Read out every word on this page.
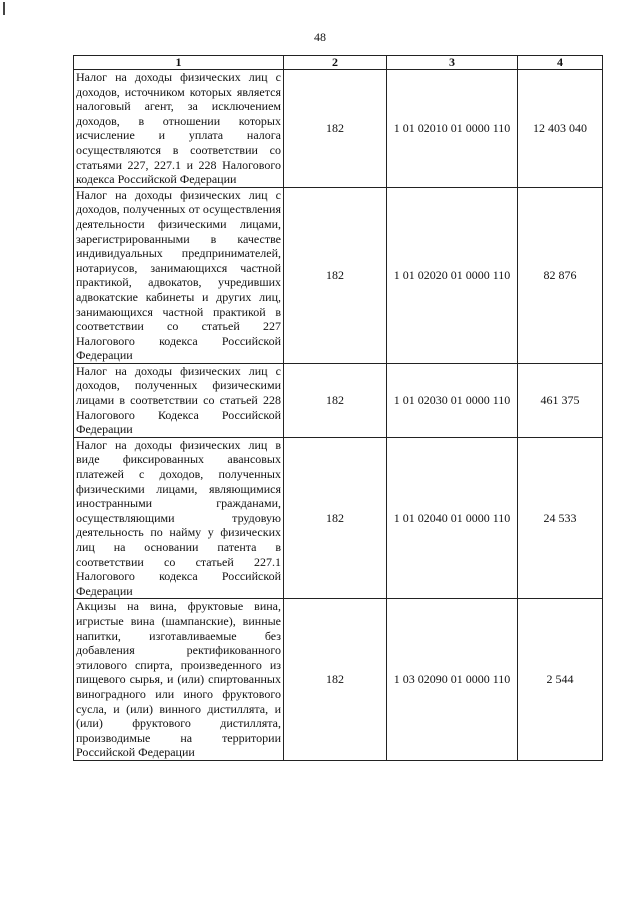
48
1	2	3	4
Налог на доходы физических лиц с доходов, источником которых является налоговый агент, за исключением доходов, в отношении которых исчисление и уплата налога осуществляются в соответствии со статьями 227, 227.1 и 228 Налогового кодекса Российской Федерации	182	1 01 02010 01 0000 110	12 403 040
Налог на доходы физических лиц с доходов, полученных от осуществления деятельности физическими лицами, зарегистрированными в качестве индивидуальных предпринимателей, нотариусов, занимающихся частной практикой, адвокатов, учредивших адвокатские кабинеты и других лиц, занимающихся частной практикой в соответствии со статьей 227 Налогового кодекса Российской Федерации	182	1 01 02020 01 0000 110	82 876
Налог на доходы физических лиц с доходов, полученных физическими лицами в соответствии со статьей 228 Налогового Кодекса Российской Федерации	182	1 01 02030 01 0000 110	461 375
Налог на доходы физических лиц в виде фиксированных авансовых платежей с доходов, полученных физическими лицами, являющимися иностранными гражданами, осуществляющими трудовую деятельность по найму у физических лиц на основании патента в соответствии со статьей 227.1 Налогового кодекса Российской Федерации	182	1 01 02040 01 0000 110	24 533
Акцизы на вина, фруктовые вина, игристые вина (шампанские), винные напитки, изготавливаемые без добавления ректификованного этилового спирта, произведенного из пищевого сырья, и (или) спиртованных виноградного или иного фруктового сусла, и (или) винного дистиллята, и (или) фруктового дистиллята, производимые на территории Российской Федерации	182	1 03 02090 01 0000 110	2 544
